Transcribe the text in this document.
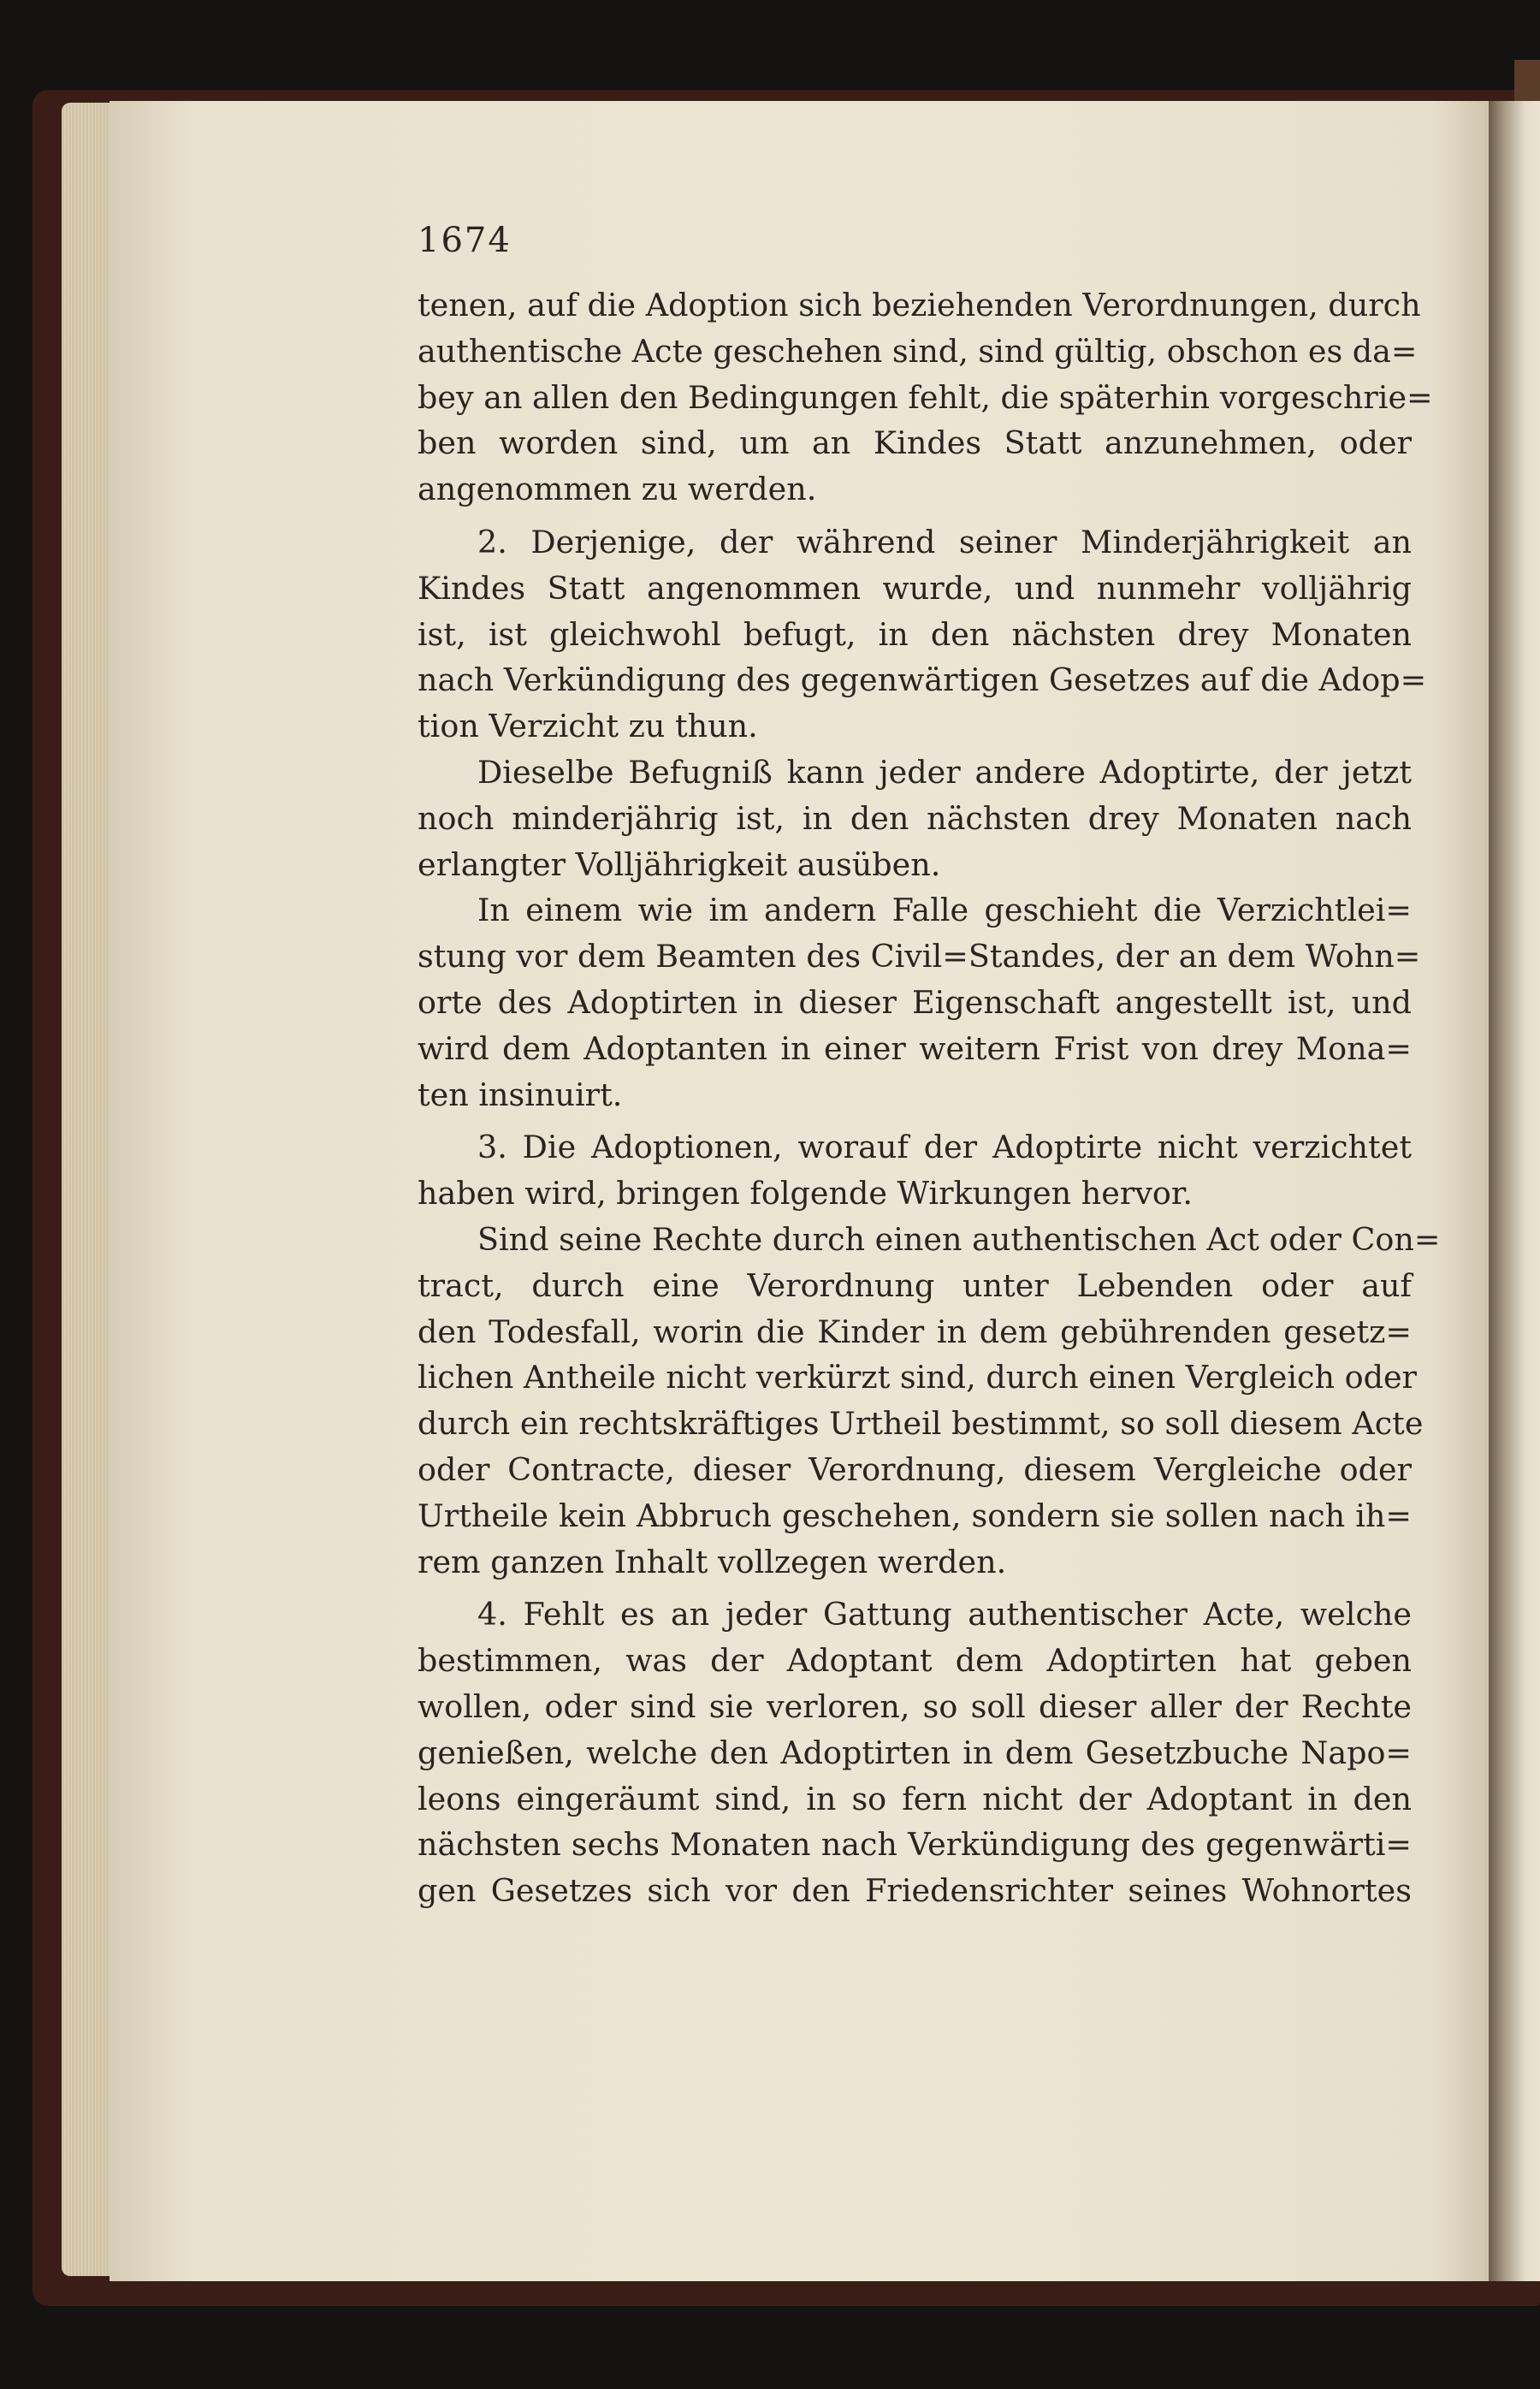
1674
tenen, auf die Adoption sich beziehenden Verordnungen, durch
authentische Acte geschehen sind, sind gültig, obschon es da=
bey an allen den Bedingungen fehlt, die späterhin vorgeschrie=
ben worden sind, um an Kindes Statt anzunehmen, oder
angenommen zu werden.
2. Derjenige, der während seiner Minderjährigkeit an
Kindes Statt angenommen wurde, und nunmehr volljährig
ist, ist gleichwohl befugt, in den nächsten drey Monaten
nach Verkündigung des gegenwärtigen Gesetzes auf die Adop=
tion Verzicht zu thun.
Dieselbe Befugniß kann jeder andere Adoptirte, der jetzt
noch minderjährig ist, in den nächsten drey Monaten nach
erlangter Volljährigkeit ausüben.
In einem wie im andern Falle geschieht die Verzichtlei=
stung vor dem Beamten des Civil=Standes, der an dem Wohn=
orte des Adoptirten in dieser Eigenschaft angestellt ist, und
wird dem Adoptanten in einer weitern Frist von drey Mona=
ten insinuirt.
3. Die Adoptionen, worauf der Adoptirte nicht verzichtet
haben wird, bringen folgende Wirkungen hervor.
Sind seine Rechte durch einen authentischen Act oder Con=
tract, durch eine Verordnung unter Lebenden oder auf
den Todesfall, worin die Kinder in dem gebührenden gesetz=
lichen Antheile nicht verkürzt sind, durch einen Vergleich oder
durch ein rechtskräftiges Urtheil bestimmt, so soll diesem Acte
oder Contracte, dieser Verordnung, diesem Vergleiche oder
Urtheile kein Abbruch geschehen, sondern sie sollen nach ih=
rem ganzen Inhalt vollzegen werden.
4. Fehlt es an jeder Gattung authentischer Acte, welche
bestimmen, was der Adoptant dem Adoptirten hat geben
wollen, oder sind sie verloren, so soll dieser aller der Rechte
genießen, welche den Adoptirten in dem Gesetzbuche Napo=
leons eingeräumt sind, in so fern nicht der Adoptant in den
nächsten sechs Monaten nach Verkündigung des gegenwärti=
gen Gesetzes sich vor den Friedensrichter seines Wohnortes
